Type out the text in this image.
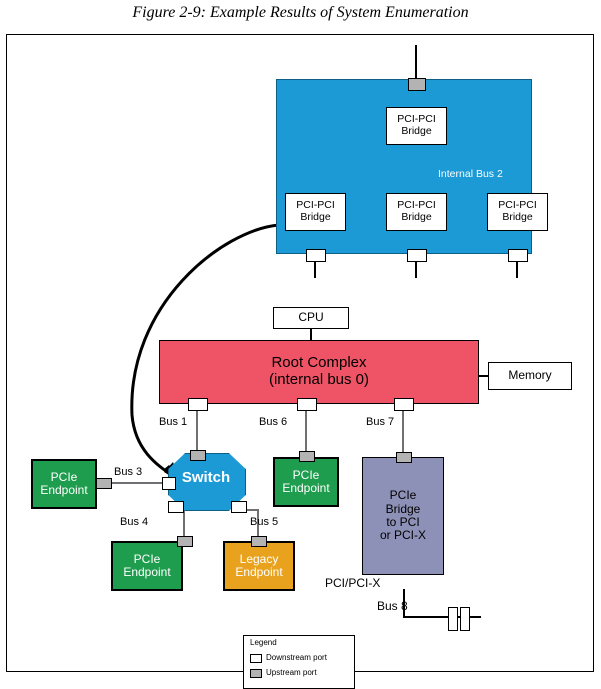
Figure 2-9: Example Results of System Enumeration
PCI-PCI
Bridge
PCI-PCI
Bridge
PCI-PCI
Bridge
PCI-PCI
Bridge
Internal Bus 2
CPU
Root Complex
(internal bus 0)	Memory
Switch
PCIe
Endpoint
PCIe
Endpoint
PCIe
Endpoint
Legacy
Endpoint
PCIe
Bridge
to PCI
or PCI-X
Bus 1
Bus 3
Bus 4	Bus 5
Bus 6	Bus 7
PCI/PCI-X
Bus 8
Legend
Downstream port
Upstream port
